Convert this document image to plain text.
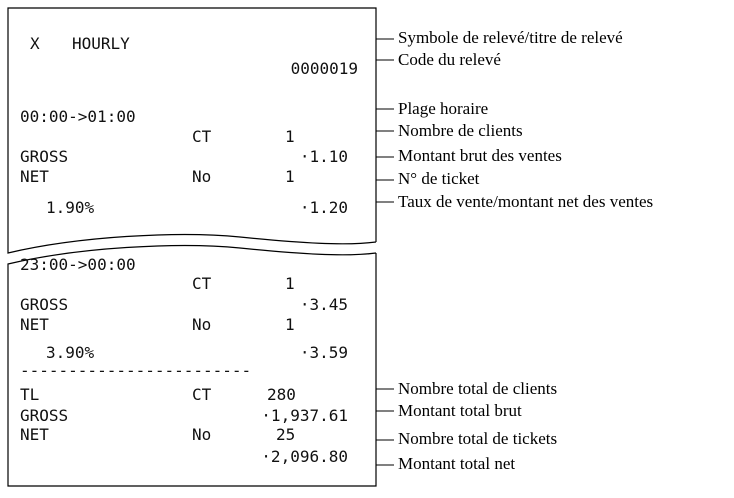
X HOURLY
0000019
00:00->01:00
CT	1
GROSS	·1.10
NET	No	1
1.90%	·1.20
23:00->00:00
CT	1
GROSS	·3.45
NET	No	1
3.90%	·3.59
------------------------
TL	CT	280
GROSS	·1,937.61
NET	No	25
·2,096.80
Symbole de relevé/titre de relevé
Code du relevé
Plage horaire
Nombre de clients
Montant brut des ventes
N° de ticket
Taux de vente/montant net des ventes
Nombre total de clients
Montant total brut
Nombre total de tickets
Montant total net
